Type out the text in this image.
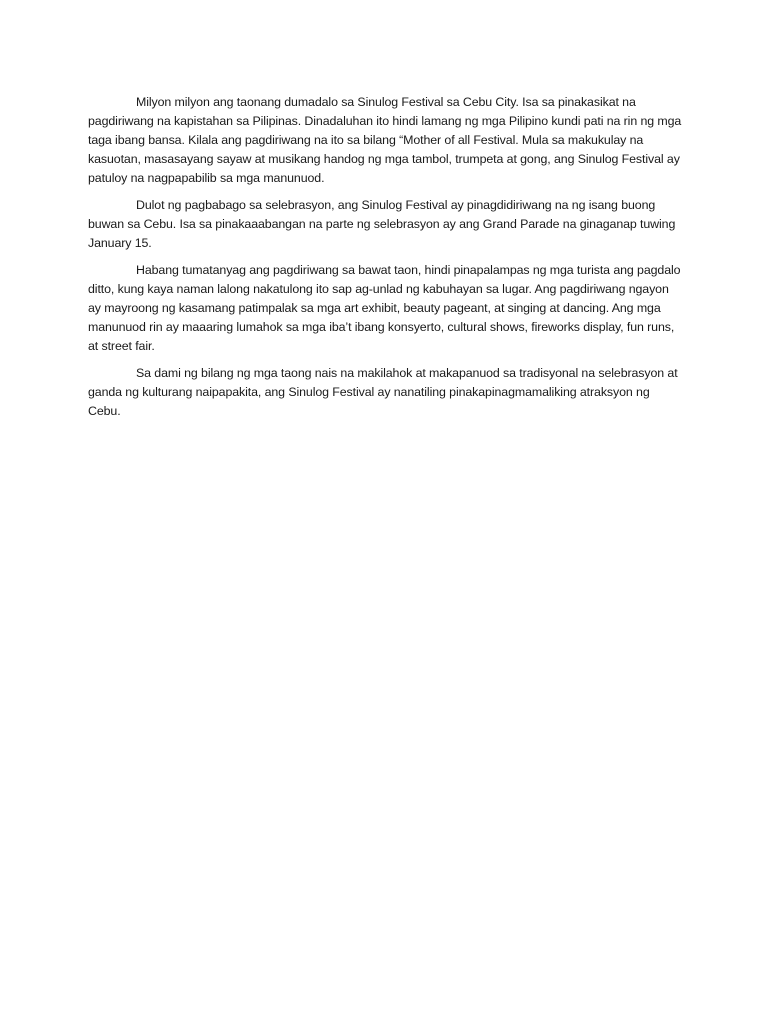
Milyon milyon ang taonang dumadalo sa Sinulog Festival sa Cebu City. Isa sa pinakasikat na pagdiriwang na kapistahan sa Pilipinas. Dinadaluhan ito hindi lamang ng mga Pilipino kundi pati na rin ng mga taga ibang bansa. Kilala ang pagdiriwang na ito sa bilang “Mother of all Festival. Mula sa makukulay na kasuotan, masasayang sayaw at musikang handog ng mga tambol, trumpeta at gong, ang Sinulog Festival ay patuloy na nagpapabilib sa mga manunuod.

Dulot ng pagbabago sa selebrasyon, ang Sinulog Festival ay pinagdidiriwang na ng isang buong buwan sa Cebu. Isa sa pinakaaabangan na parte ng selebrasyon ay ang Grand Parade na ginaganap tuwing January 15.

Habang tumatanyag ang pagdiriwang sa bawat taon, hindi pinapalampas ng mga turista ang pagdalo ditto, kung kaya naman lalong nakatulong ito sap ag-unlad ng kabuhayan sa lugar. Ang pagdiriwang ngayon ay mayroong ng kasamang patimpalak sa mga art exhibit, beauty pageant, at singing at dancing. Ang mga manunuod rin ay maaaring lumahok sa mga iba’t ibang konsyerto, cultural shows, fireworks display, fun runs, at street fair.

Sa dami ng bilang ng mga taong nais na makilahok at makapanuod sa tradisyonal na selebrasyon at ganda ng kulturang naipapakita, ang Sinulog Festival ay nanatiling pinakapinagmamaliking atraksyon ng Cebu.
